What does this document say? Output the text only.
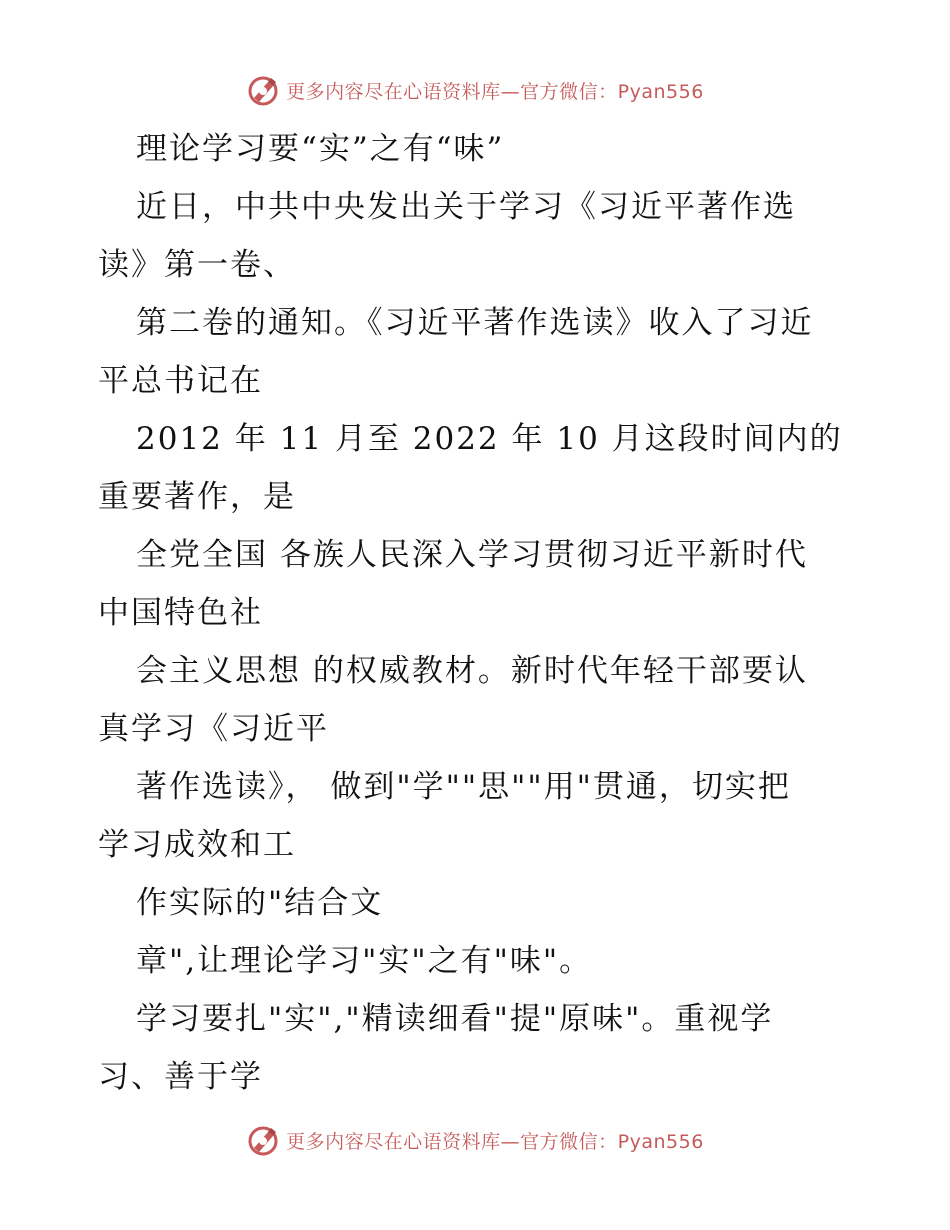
更多内容尽在心语资料库—官方微信：Pyan556
理论学习要“实”之有“味”
近日，中共中央发出关于学习《习近平著作选
读》第一卷、
第二卷的通知。《习近平著作选读》收入了习近
平总书记在
2012 年 11 月至 2022 年 10 月这段时间内的
重要著作，是
全党全国 各族人民深入学习贯彻习近平新时代
中国特色社
会主义思想 的权威教材。新时代年轻干部要认
真学习《习近平
著作选读》， 做到"学""思""用"贯通，切实把
学习成效和工
作实际的"结合文
章",让理论学习"实"之有"味"。
学习要扎"实","精读细看"提"原味"。重视学
习、善于学
更多内容尽在心语资料库—官方微信：Pyan556
